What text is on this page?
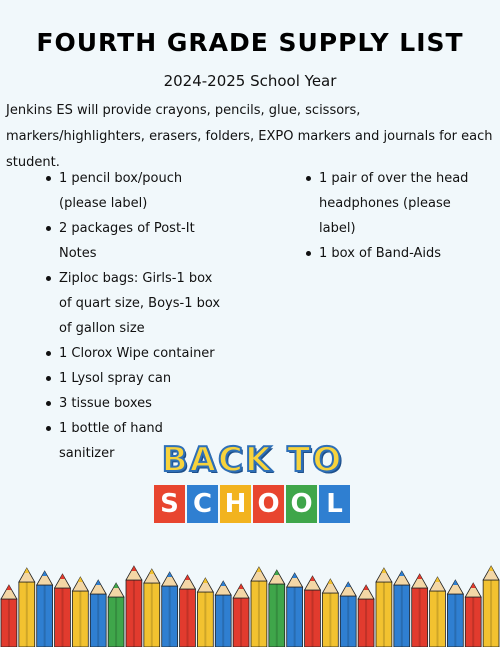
FOURTH GRADE SUPPLY LIST
2024-2025 School Year

Jenkins ES will provide crayons, pencils, glue, scissors, markers/highlighters, erasers, folders, EXPO markers and journals for each student.

1 pencil box/pouch (please label)
2 packages of Post-It Notes
Ziploc bags: Girls-1 box of quart size, Boys-1 box of gallon size
1 Clorox Wipe container
1 Lysol spray can
3 tissue boxes
1 bottle of hand sanitizer
1 pair of over the head headphones (please label)
1 box of Band-Aids
BACK TO
S C H O O L
